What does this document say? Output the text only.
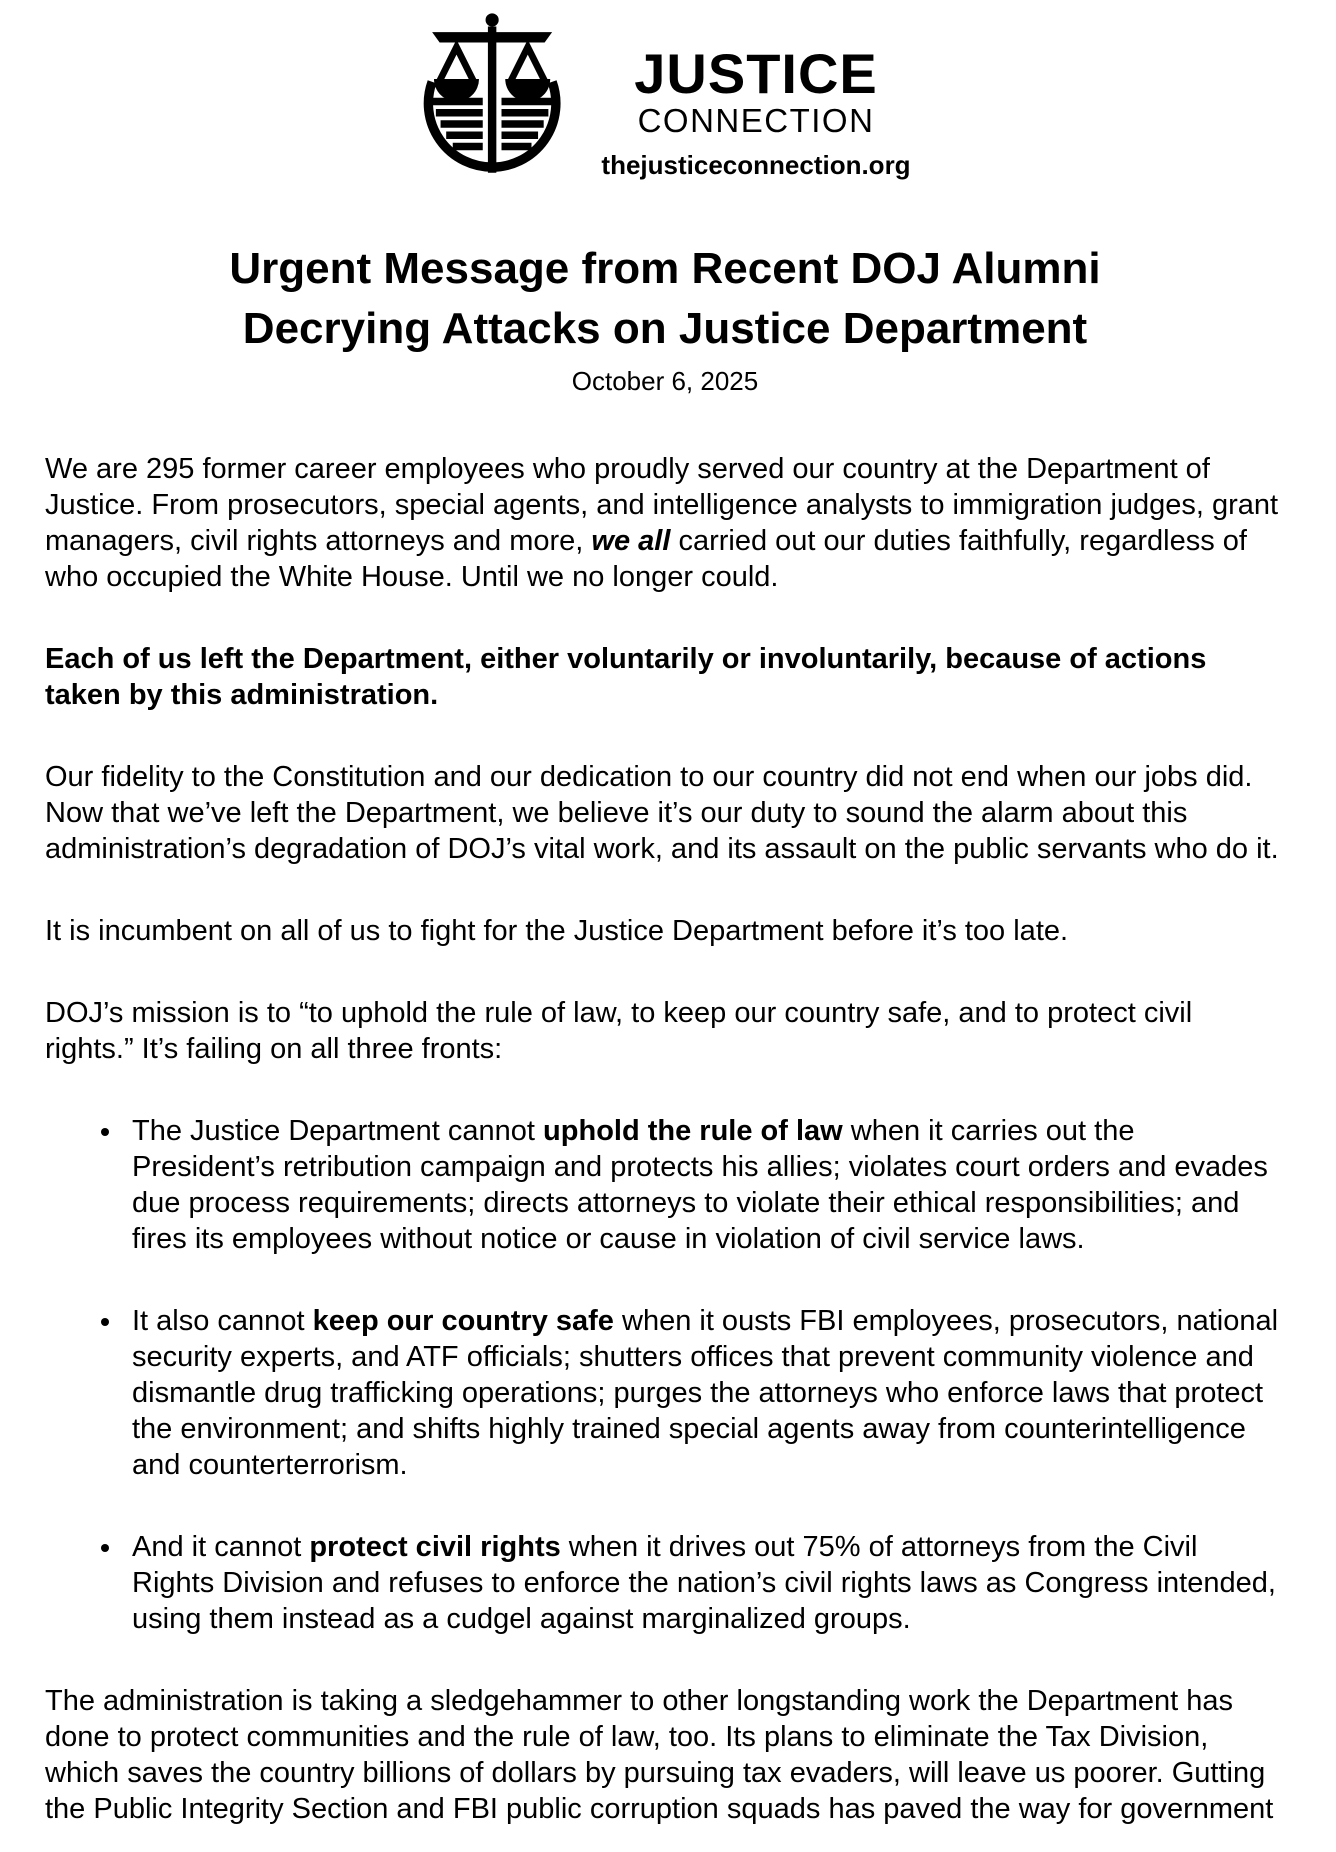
JUSTICE
CONNECTION
thejusticeconnection.org
Urgent Message from Recent DOJ Alumni
Decrying Attacks on Justice Department
October 6, 2025

We are 295 former career employees who proudly served our country at the Department of Justice. From prosecutors, special agents, and intelligence analysts to immigration judges, grant managers, civil rights attorneys and more, we all carried out our duties faithfully, regardless of who occupied the White House. Until we no longer could.

Each of us left the Department, either voluntarily or involuntarily, because of actions taken by this administration.

Our fidelity to the Constitution and our dedication to our country did not end when our jobs did. Now that we’ve left the Department, we believe it’s our duty to sound the alarm about this administration’s degradation of DOJ’s vital work, and its assault on the public servants who do it.

It is incumbent on all of us to fight for the Justice Department before it’s too late.

DOJ’s mission is to “to uphold the rule of law, to keep our country safe, and to protect civil rights.” It’s failing on all three fronts:

• The Justice Department cannot uphold the rule of law when it carries out the President’s retribution campaign and protects his allies; violates court orders and evades due process requirements; directs attorneys to violate their ethical responsibilities; and fires its employees without notice or cause in violation of civil service laws.
• It also cannot keep our country safe when it ousts FBI employees, prosecutors, national security experts, and ATF officials; shutters offices that prevent community violence and dismantle drug trafficking operations; purges the attorneys who enforce laws that protect the environment; and shifts highly trained special agents away from counterintelligence and counterterrorism.
• And it cannot protect civil rights when it drives out 75% of attorneys from the Civil Rights Division and refuses to enforce the nation’s civil rights laws as Congress intended, using them instead as a cudgel against marginalized groups.

The administration is taking a sledgehammer to other longstanding work the Department has done to protect communities and the rule of law, too. Its plans to eliminate the Tax Division, which saves the country billions of dollars by pursuing tax evaders, will leave us poorer. Gutting the Public Integrity Section and FBI public corruption squads has paved the way for government
